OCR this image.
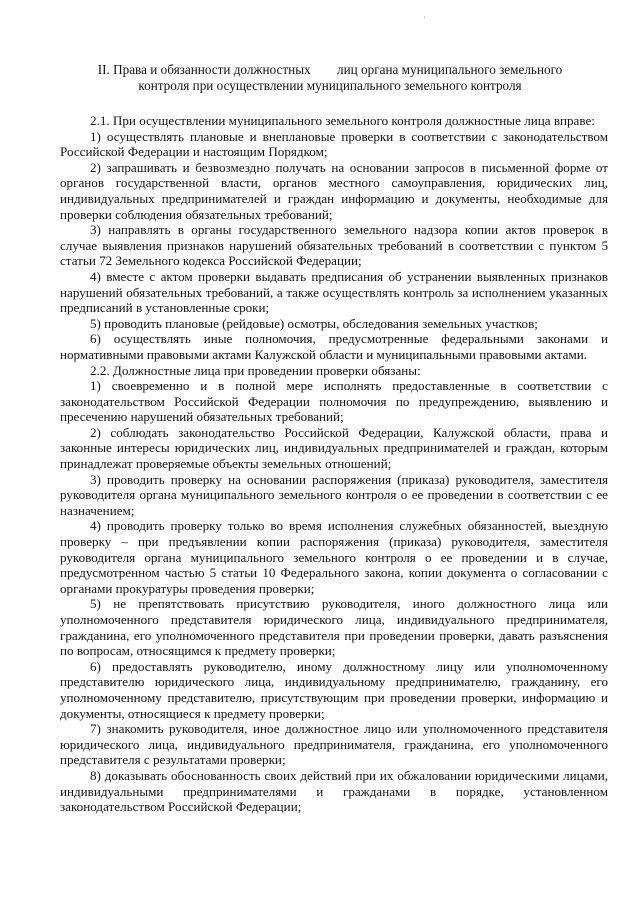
'
II. Права и обязанности должностных        лиц органа муниципального земельного
контроля при осуществлении муниципального земельного контроля

2.1. При осуществлении муниципального земельного контроля должностные лица вправе:

1) осуществлять плановые и внеплановые проверки в соответствии с законодательством Российской Федерации и настоящим Порядком;

2) запрашивать и безвозмездно получать на основании запросов в письменной форме от органов государственной власти, органов местного самоуправления, юридических лиц, индивидуальных предпринимателей и граждан информацию и документы, необходимые для проверки соблюдения обязательных требований;

3) направлять в органы государственного земельного надзора копии актов проверок в случае выявления признаков нарушений обязательных требований в соответствии с пунктом 5 статьи 72 Земельного кодекса Российской Федерации;

4) вместе с актом проверки выдавать предписания об устранении выявленных признаков нарушений обязательных требований, а также осуществлять контроль за исполнением указанных предписаний в установленные сроки;

5) проводить плановые (рейдовые) осмотры, обследования земельных участков;

6) осуществлять иные полномочия, предусмотренные федеральными законами и нормативными правовыми актами Калужской области и муниципальными правовыми актами.

2.2. Должностные лица при проведении проверки обязаны:

1) своевременно и в полной мере исполнять предоставленные в соответствии с законодательством Российской Федерации полномочия по предупреждению, выявлению и пресечению нарушений обязательных требований;

2) соблюдать законодательство Российской Федерации, Калужской области, права и законные интересы юридических лиц, индивидуальных предпринимателей и граждан, которым принадлежат проверяемые объекты земельных отношений;

3) проводить проверку на основании распоряжения (приказа) руководителя, заместителя руководителя органа муниципального земельного контроля о ее проведении в соответствии с ее назначением;

4) проводить проверку только во время исполнения служебных обязанностей, выездную проверку – при предъявлении копии распоряжения (приказа) руководителя, заместителя руководителя органа муниципального земельного контроля о ее проведении и в случае, предусмотренном частью 5 статьи 10 Федерального закона, копии документа о согласовании с органами прокуратуры проведения проверки;

5) не препятствовать присутствию руководителя, иного должностного лица или уполномоченного представителя юридического лица, индивидуального предпринимателя, гражданина, его уполномоченного представителя при проведении проверки, давать разъяснения по вопросам, относящимся к предмету проверки;

6) предоставлять руководителю, иному должностному лицу или уполномоченному представителю юридического лица, индивидуальному предпринимателю, гражданину, его уполномоченному представителю, присутствующим при проведении проверки, информацию и документы, относящиеся к предмету проверки;

7) знакомить руководителя, иное должностное лицо или уполномоченного представителя юридического лица, индивидуального предпринимателя, гражданина, его уполномоченного представителя с результатами проверки;

8) доказывать обоснованность своих действий при их обжаловании юридическими лицами, индивидуальными предпринимателями и гражданами в порядке, установленном законодательством Российской Федерации;
